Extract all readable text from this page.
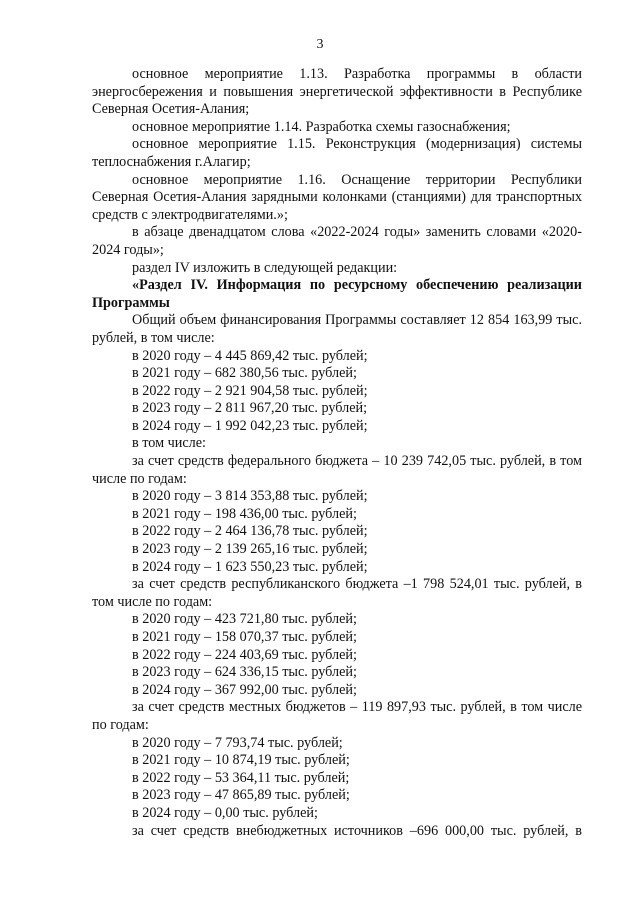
3

основное мероприятие 1.13. Разработка программы в области энергосбережения и повышения энергетической эффективности в Республике Северная Осетия-Алания;

основное мероприятие 1.14. Разработка схемы газоснабжения;

основное мероприятие 1.15. Реконструкция (модернизация) системы теплоснабжения г.Алагир;

основное мероприятие 1.16. Оснащение территории Республики Северная Осетия-Алания зарядными колонками (станциями) для транспортных средств с электродвигателями.»;

в абзаце двенадцатом слова «2022-2024 годы» заменить словами «2020-2024 годы»;

раздел IV изложить в следующей редакции:

«Раздел IV. Информация по ресурсному обеспечению реализации Программы

Общий объем финансирования Программы составляет 12 854 163,99 тыс. рублей, в том числе:

в 2020 году – 4 445 869,42 тыс. рублей;

в 2021 году – 682 380,56 тыс. рублей;

в 2022 году – 2 921 904,58 тыс. рублей;

в 2023 году – 2 811 967,20 тыс. рублей;

в 2024 году – 1 992 042,23 тыс. рублей;

в том числе:

за счет средств федерального бюджета – 10 239 742,05 тыс. рублей, в том числе по годам:

в 2020 году – 3 814 353,88 тыс. рублей;

в 2021 году – 198 436,00 тыс. рублей;

в 2022 году – 2 464 136,78 тыс. рублей;

в 2023 году – 2 139 265,16 тыс. рублей;

в 2024 году – 1 623 550,23 тыс. рублей;

за счет средств республиканского бюджета –1 798 524,01 тыс. рублей, в том числе по годам:

в 2020 году – 423 721,80 тыс. рублей;

в 2021 году – 158 070,37 тыс. рублей;

в 2022 году – 224 403,69 тыс. рублей;

в 2023 году – 624 336,15 тыс. рублей;

в 2024 году – 367 992,00 тыс. рублей;

за счет средств местных бюджетов – 119 897,93 тыс. рублей, в том числе по годам:

в 2020 году – 7 793,74 тыс. рублей;

в 2021 году – 10 874,19 тыс. рублей;

в 2022 году – 53 364,11 тыс. рублей;

в 2023 году – 47 865,89 тыс. рублей;

в 2024 году – 0,00 тыс. рублей;

за счет средств внебюджетных источников –696 000,00 тыс. рублей, в
